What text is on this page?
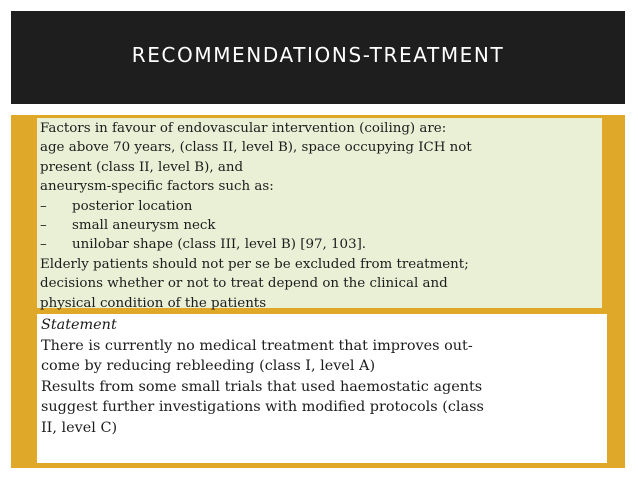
RECOMMENDATIONS-TREATMENT
Factors in favour of endovascular intervention (coiling) are:
age above 70 years, (class II, level B), space occupying ICH not
present (class II, level B), and
aneurysm-specific factors such as:
– posterior location
– small aneurysm neck
– unilobar shape (class III, level B) [97, 103].
Elderly patients should not per se be excluded from treatment;
decisions whether or not to treat depend on the clinical and
physical condition of the patients
Statement
There is currently no medical treatment that improves out-
come by reducing rebleeding (class I, level A)
Results from some small trials that used haemostatic agents
suggest further investigations with modified protocols (class
II, level C)
